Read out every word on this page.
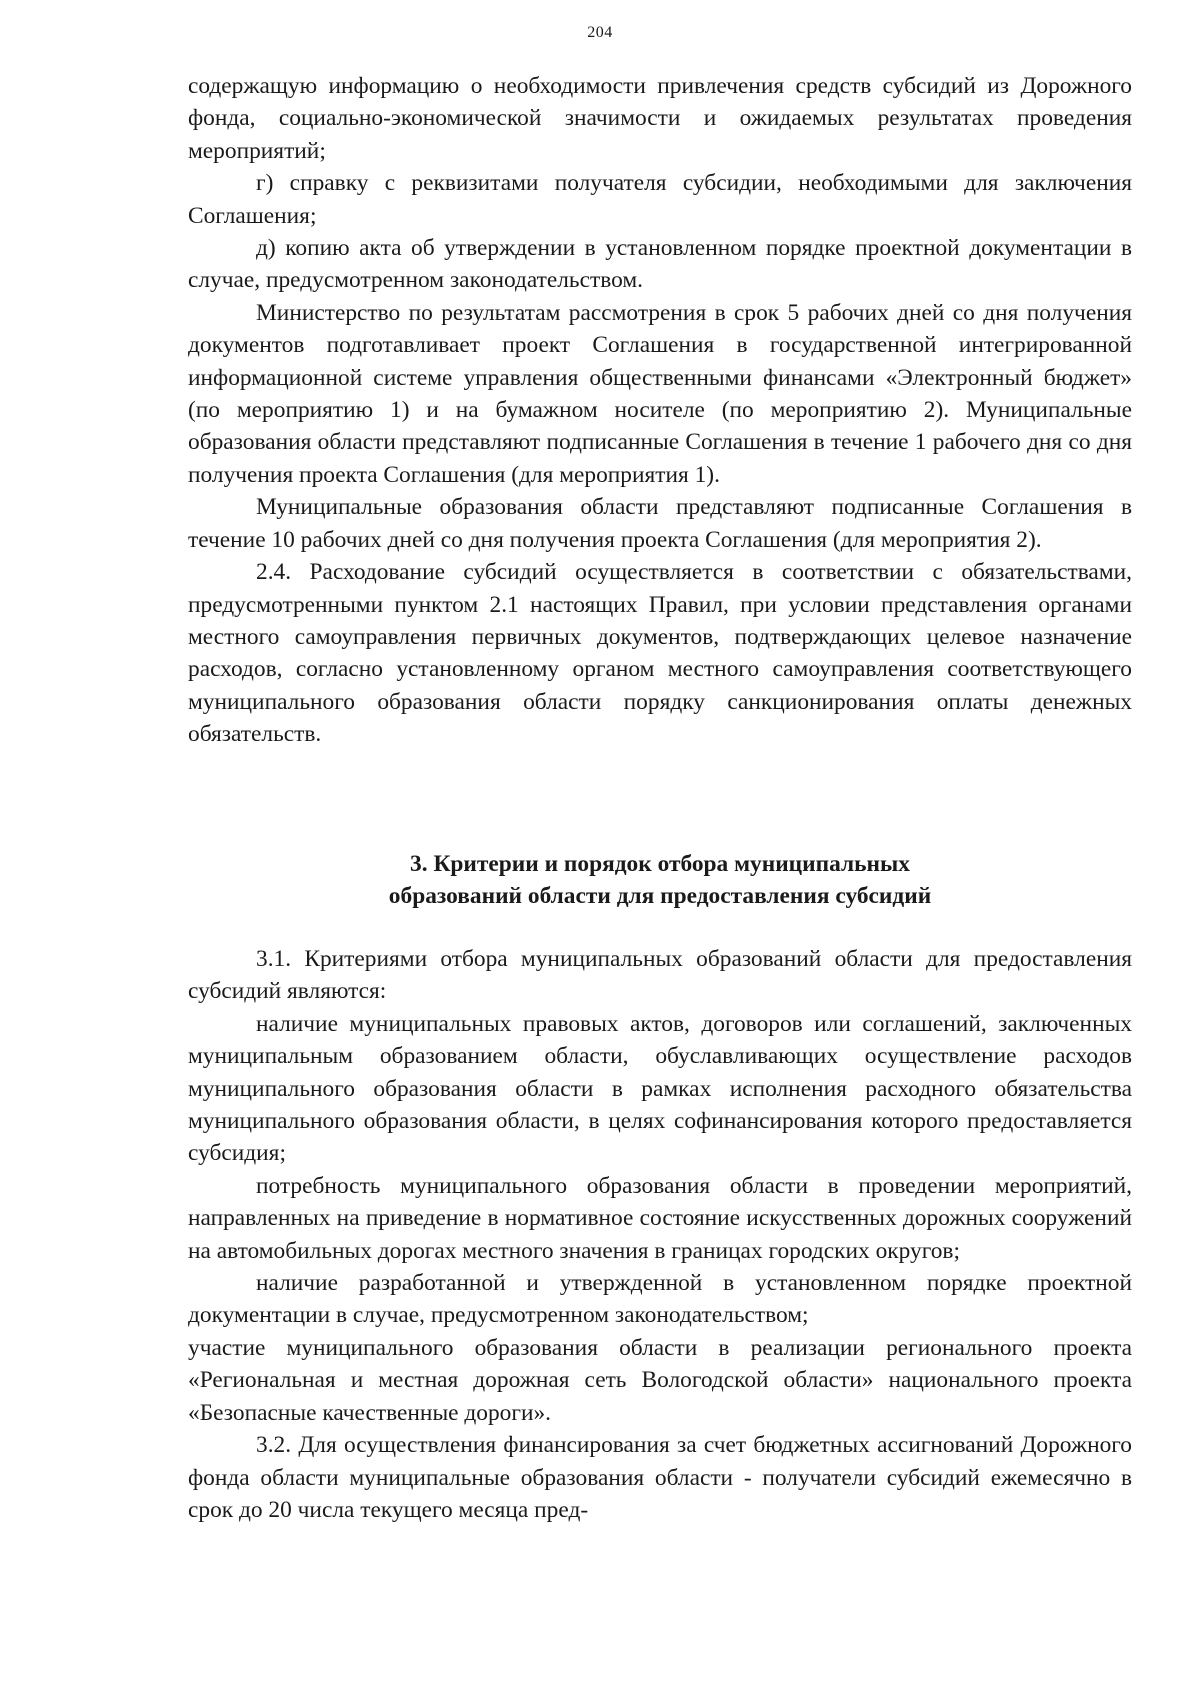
204

содержащую информацию о необходимости привлечения средств субсидий из Дорожного фонда, социально-экономической значимости и ожидаемых результатах проведения мероприятий;

г) справку с реквизитами получателя субсидии, необходимыми для заключения Соглашения;

д) копию акта об утверждении в установленном порядке проектной документации в случае, предусмотренном законодательством.

Министерство по результатам рассмотрения в срок 5 рабочих дней со дня получения документов подготавливает проект Соглашения в государственной интегрированной информационной системе управления общественными финансами «Электронный бюджет» (по мероприятию 1) и на бумажном носителе (по мероприятию 2). Муниципальные образования области представляют подписанные Соглашения в течение 1 рабочего дня со дня получения проекта Соглашения (для мероприятия 1).

Муниципальные образования области представляют подписанные Соглашения в течение 10 рабочих дней со дня получения проекта Соглашения (для мероприятия 2).

2.4. Расходование субсидий осуществляется в соответствии с обязательствами, предусмотренными пунктом 2.1 настоящих Правил, при условии представления органами местного самоуправления первичных документов, подтверждающих целевое назначение расходов, согласно установленному органом местного самоуправления соответствующего муниципального образования области порядку санкционирования оплаты денежных обязательств.

3. Критерии и порядок отбора муниципальных
образований области для предоставления субсидий

3.1. Критериями отбора муниципальных образований области для предоставления субсидий являются:

наличие муниципальных правовых актов, договоров или соглашений, заключенных муниципальным образованием области, обуславливающих осуществление расходов муниципального образования области в рамках исполнения расходного обязательства муниципального образования области, в целях софинансирования которого предоставляется субсидия;

потребность муниципального образования области в проведении мероприятий, направленных на приведение в нормативное состояние искусственных дорожных сооружений на автомобильных дорогах местного значения в границах городских округов;

наличие разработанной и утвержденной в установленном порядке проектной документации в случае, предусмотренном законодательством;

участие муниципального образования области в реализации регионального проекта «Региональная и местная дорожная сеть Вологодской области» национального проекта «Безопасные качественные дороги».

3.2. Для осуществления финансирования за счет бюджетных ассигнований Дорожного фонда области муниципальные образования области - получатели субсидий ежемесячно в срок до 20 числа текущего месяца пред-
